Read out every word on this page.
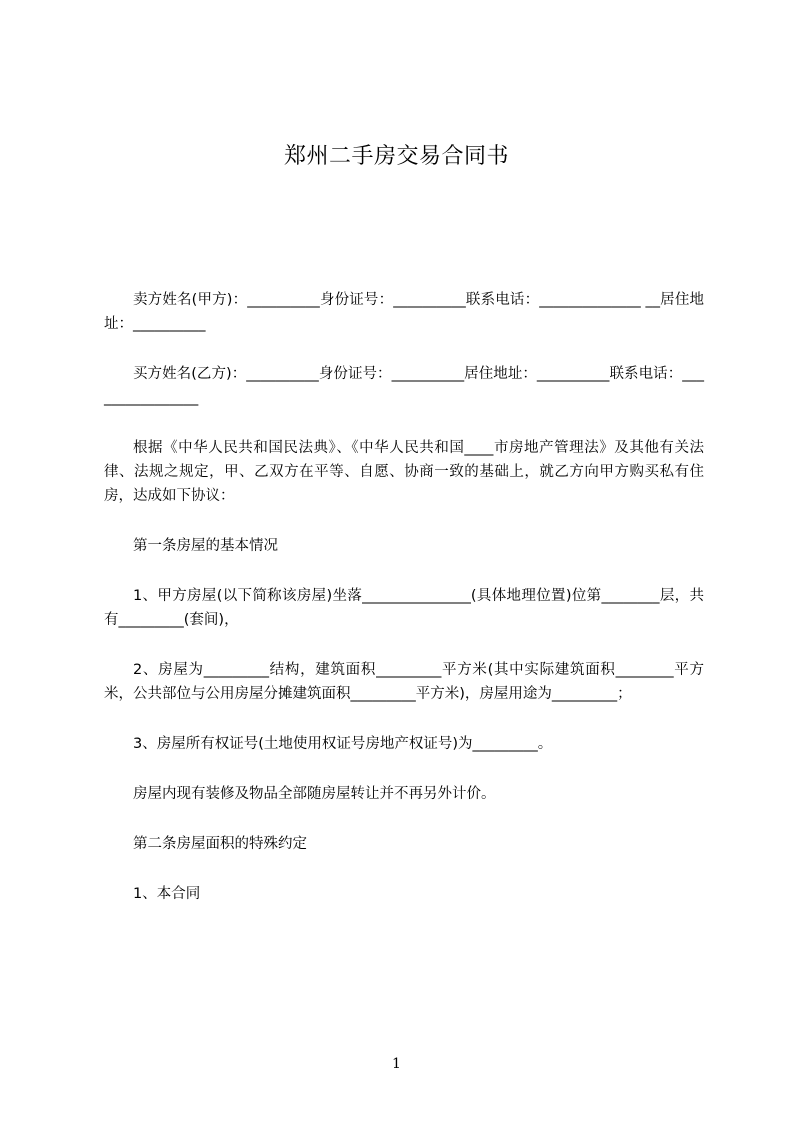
郑州二手房交易合同书

卖方姓名(甲方)：__________身份证号：__________联系电话：______________ __居住地址：__________

买方姓名(乙方)：__________身份证号：__________居住地址：__________联系电话：________________

根据《中华人民共和国民法典》、《中华人民共和国____市房地产管理法》及其他有关法律、法规之规定，甲、乙双方在平等、自愿、协商一致的基础上，就乙方向甲方购买私有住房，达成如下协议：

第一条房屋的基本情况

1、甲方房屋(以下简称该房屋)坐落_______________(具体地理位置)位第________层，共有_________(套间)，

2、房屋为_________结构，建筑面积_________平方米(其中实际建筑面积________平方米，公共部位与公用房屋分摊建筑面积_________平方米)，房屋用途为_________；

3、房屋所有权证号(土地使用权证号房地产权证号)为_________。

房屋内现有装修及物品全部随房屋转让并不再另外计价。

第二条房屋面积的特殊约定

1、本合同

1
